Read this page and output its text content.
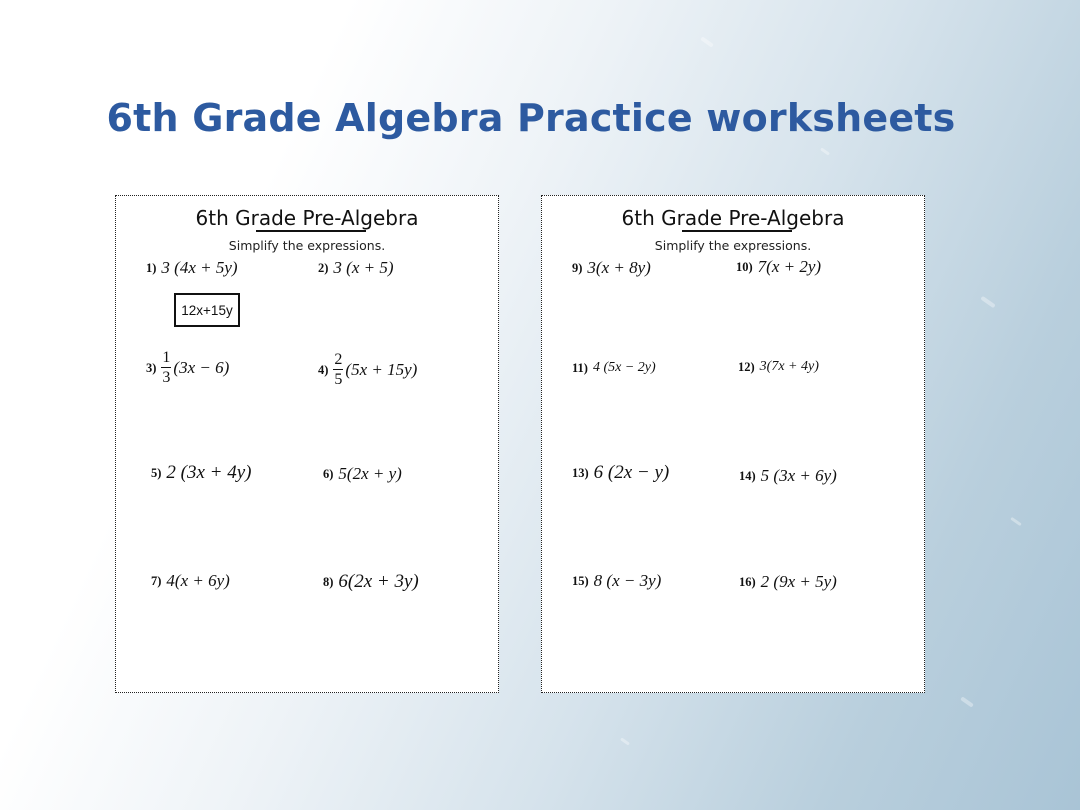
6th Grade Algebra Practice worksheets
6th Grade Pre-Algebra
Simplify the expressions.
1) 3 (4x + 5y)	2) 3 (x + 5)
12x+15y
$3) \frac{1}{3} (3x - 6)$	$4) \frac{2}{5} (5x + 15y)$
5) 2 (3x + 4y)	6) 5(2x + y)
7) 4(x + 6y)	8) 6(2x + 3y)
6th Grade Pre-Algebra
Simplify the expressions.
9) 3(x + 8y)	10) 7(x + 2y)
11) 4 (5x − 2y)	12) 3(7x + 4y)
13) 6 (2x − y)	14) 5 (3x + 6y)
15) 8 (x − 3y)	16) 2 (9x + 5y)
